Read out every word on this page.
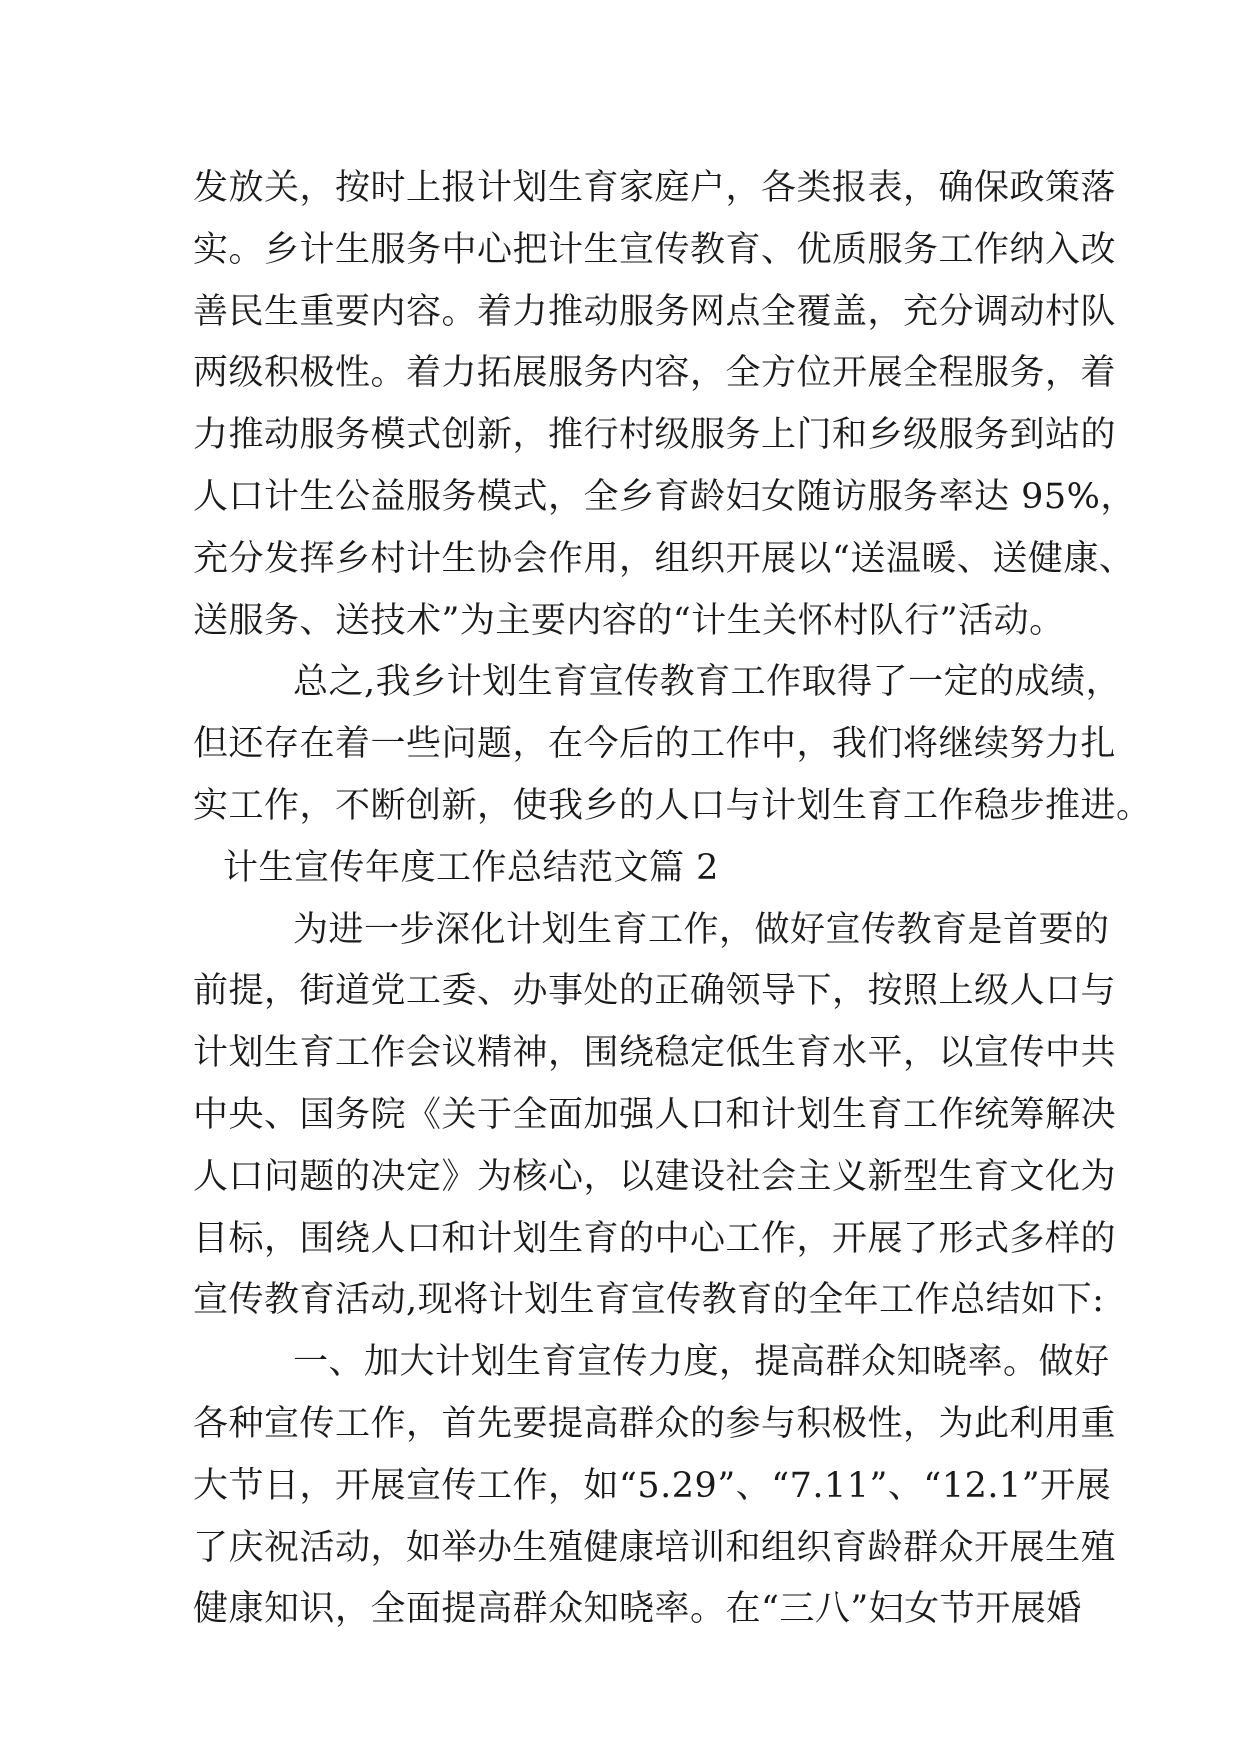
发放关，按时上报计划生育家庭户，各类报表，确保政策落
实。乡计生服务中心把计生宣传教育、优质服务工作纳入改
善民生重要内容。着力推动服务网点全覆盖，充分调动村队
两级积极性。着力拓展服务内容，全方位开展全程服务，着
力推动服务模式创新，推行村级服务上门和乡级服务到站的
人口计生公益服务模式，全乡育龄妇女随访服务率达 95%，
充分发挥乡村计生协会作用，组织开展以“送温暖、送健康、
送服务、送技术”为主要内容的“计生关怀村队行”活动。
总之,我乡计划生育宣传教育工作取得了一定的成绩，
但还存在着一些问题，在今后的工作中，我们将继续努力扎
实工作，不断创新，使我乡的人口与计划生育工作稳步推进。
计生宣传年度工作总结范文篇 2
为进一步深化计划生育工作，做好宣传教育是首要的
前提，街道党工委、办事处的正确领导下，按照上级人口与
计划生育工作会议精神，围绕稳定低生育水平，以宣传中共
中央、国务院《关于全面加强人口和计划生育工作统筹解决
人口问题的决定》为核心，以建设社会主义新型生育文化为
目标，围绕人口和计划生育的中心工作，开展了形式多样的
宣传教育活动,现将计划生育宣传教育的全年工作总结如下:
一、加大计划生育宣传力度，提高群众知晓率。做好
各种宣传工作，首先要提高群众的参与积极性，为此利用重
大节日，开展宣传工作，如“5.29”、“7.11”、“12.1”开展
了庆祝活动，如举办生殖健康培训和组织育龄群众开展生殖
健康知识，全面提高群众知晓率。在“三八”妇女节开展婚
